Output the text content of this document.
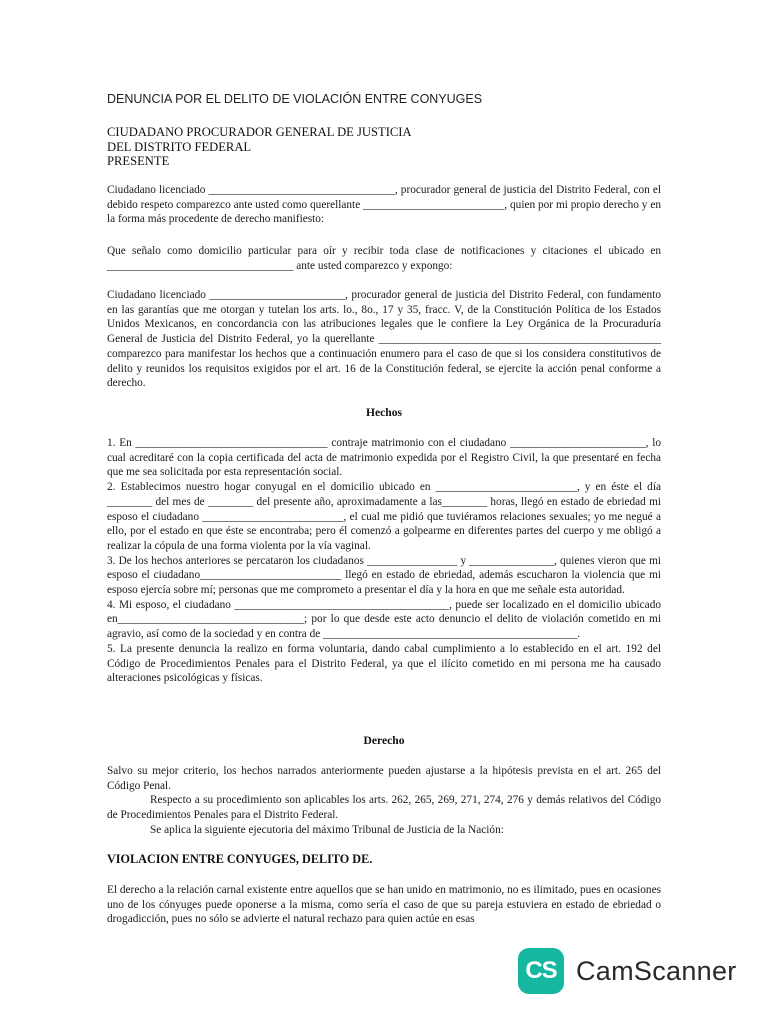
DENUNCIA POR EL DELITO DE VIOLACIÓN ENTRE CONYUGES
CIUDADANO PROCURADOR GENERAL DE JUSTICIA
DEL DISTRITO FEDERAL
PRESENTE

Ciudadano licenciado _________________________________, procurador general de justicia del Distrito Federal, con el debido respeto comparezco ante usted como querellante _________________________, quien por mi propio derecho y en la forma más procedente de derecho manifiesto:

Que señalo como domicilio particular para oír y recibir toda clase de notificaciones y citaciones el ubicado en _________________________________ ante usted comparezco y expongo:

Ciudadano licenciado ________________________, procurador general de justicia del Distrito Federal, con fundamento en las garantías que me otorgan y tutelan los arts. lo., 8o., 17 y 35, fracc. V, de la Constitución Política de los Estados Unidos Mexicanos, en concordancia con las atribuciones legales que le confiere la Ley Orgánica de la Procuraduría General de Justicia del Distrito Federal, yo la querellante __________________________________________________ comparezco para manifestar los hechos que a continuación enumero para el caso de que si los considera constitutivos de delito y reunidos los requisitos exigidos por el art. 16 de la Constitución federal, se ejercite la acción penal conforme a derecho.

Hechos

1. En __________________________________ contraje matrimonio con el ciudadano ________________________, lo cual acreditaré con la copia certificada del acta de matrimonio expedida por el Registro Civil, la que presentaré en fecha que me sea solicitada por esta representación social.

2. Establecimos nuestro hogar conyugal en el domicilio ubicado en _________________________, y en éste el día ________ del mes de ________ del presente año, aproximadamente a las________ horas, llegó en estado de ebriedad mi esposo el ciudadano _________________________, el cual me pidió que tuviéramos relaciones sexuales; yo me negué a ello, por el estado en que éste se encontraba; pero él comenzó a golpearme en diferentes partes del cuerpo y me obligó a realizar la cópula de una forma violenta por la vía vaginal.

3. De los hechos anteriores se percataron los ciudadanos ________________ y _______________, quienes vieron que mi esposo el ciudadano_________________________ llegó en estado de ebriedad, además escucharon la violencia que mi esposo ejercía sobre mí; personas que me comprometo a presentar el día y la hora en que me señale esta autoridad.

4. Mi esposo, el ciudadano ______________________________________, puede ser localizado en el domicilio ubicado en_________________________________; por lo que desde este acto denuncio el delito de violación cometido en mi agravio, así como de la sociedad y en contra de _____________________________________________.

5. La presente denuncia la realizo en forma voluntaria, dando cabal cumplimiento a lo establecido en el art. 192 del Código de Procedimientos Penales para el Distrito Federal, ya que el ilícito cometido en mi persona me ha causado alteraciones psicológicas y físicas.

Derecho

Salvo su mejor criterio, los hechos narrados anteriormente pueden ajustarse a la hipótesis prevista en el art. 265 del Código Penal.

Respecto a su procedimiento son aplicables los arts. 262, 265, 269, 271, 274, 276 y demás relativos del Código de Procedimientos Penales para el Distrito Federal.

Se aplica la siguiente ejecutoria del máximo Tribunal de Justicia de la Nación:

VIOLACION ENTRE CONYUGES, DELITO DE.

El derecho a la relación carnal existente entre aquellos que se han unido en matrimonio, no es ilimitado, pues en ocasiones uno de los cónyuges puede oponerse a la misma, como sería el caso de que su pareja estuviera en estado de ebriedad o drogadicción, pues no sólo se advierte el natural rechazo para quien actúe en esas

CS CamScanner
